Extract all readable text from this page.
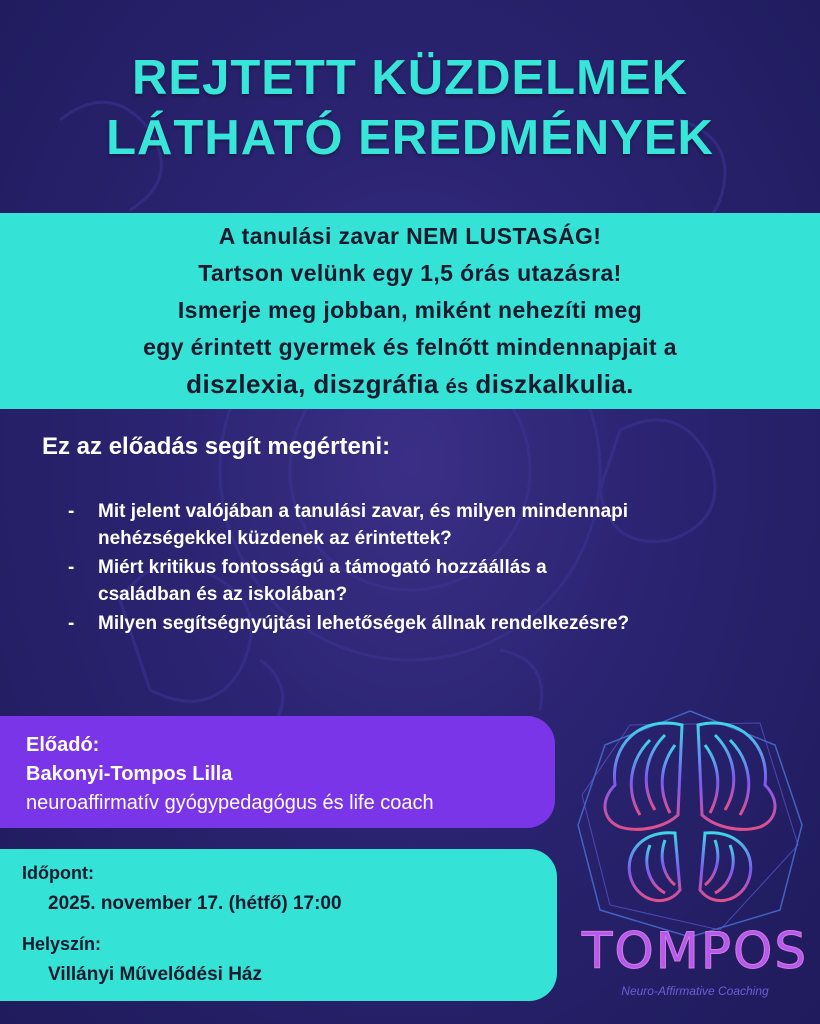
REJTETT KÜZDELMEK
LÁTHATÓ EREDMÉNYEK
A tanulási zavar NEM LUSTASÁG!
Tartson velünk egy 1,5 órás utazásra!
Ismerje meg jobban, miként nehezíti meg
egy érintett gyermek és felnőtt mindennapjait a
diszlexia, diszgráfia és diszkalkulia.
Ez az előadás segít megérteni:
- Mit jelent valójában a tanulási zavar, és milyen mindennapi
nehézségekkel küzdenek az érintettek?
- Miért kritikus fontosságú a támogató hozzáállás a
családban és az iskolában?
- Milyen segítségnyújtási lehetőségek állnak rendelkezésre?
Előadó:
Bakonyi-Tompos Lilla
neuroaffirmatív gyógypedagógus és life coach
Időpont:
2025. november 17. (hétfő) 17:00
Helyszín:
Villányi Művelődési Ház	TOMPOS
Neuro-Affirmative Coaching
